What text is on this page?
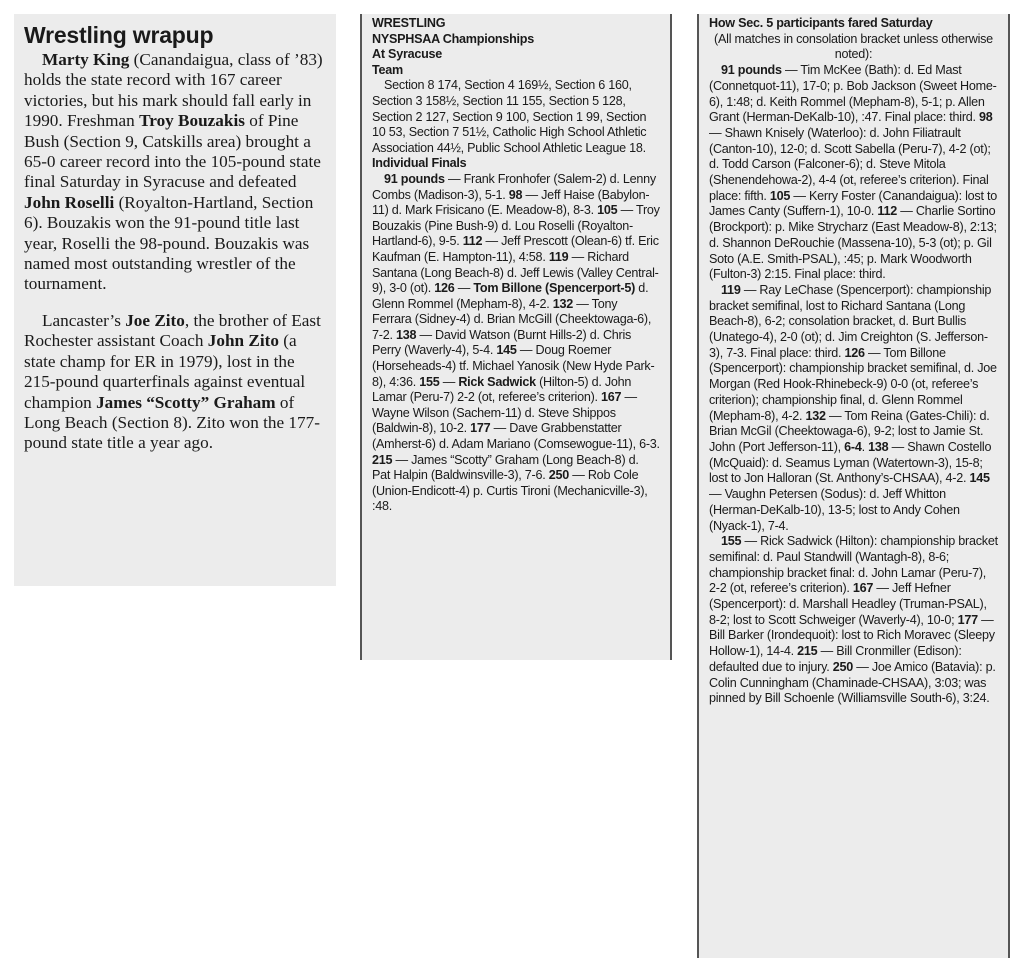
Wrestling wrapup

Marty King (Canandaigua, class of ’83) holds the state record with 167 career victories, but his mark should fall early in 1990. Freshman Troy Bouzakis of Pine Bush (Section 9, Catskills area) brought a 65-0 career record into the 105-pound state final Saturday in Syracuse and defeated John Roselli (Royalton-Hartland, Section 6). Bouzakis won the 91-pound title last year, Roselli the 98-pound. Bouzakis was named most outstanding wrestler of the tournament.

Lancaster’s Joe Zito, the brother of East Rochester assistant Coach John Zito (a state champ for ER in 1979), lost in the 215-pound quarterfinals against eventual champion James “Scotty” Graham of Long Beach (Section 8). Zito won the 177-pound state title a year ago.

WRESTLING
NYSPHSAA Championships
At Syracuse
Team
Section 8 174, Section 4 169½, Section 6 160, Section 3 158½, Section 11 155, Section 5 128, Section 2 127, Section 9 100, Section 1 99, Section 10 53, Section 7 51½, Catholic High School Athletic Association 44½, Public School Athletic League 18.
Individual Finals
91 pounds — Frank Fronhofer (Salem-2) d. Lenny Combs (Madison-3), 5-1. 98 — Jeff Haise (Babylon-11) d. Mark Frisicano (E. Meadow-8), 8-3. 105 — Troy Bouzakis (Pine Bush-9) d. Lou Roselli (Royalton-Hartland-6), 9-5. 112 — Jeff Prescott (Olean-6) tf. Eric Kaufman (E. Hampton-11), 4:58. 119 — Richard Santana (Long Beach-8) d. Jeff Lewis (Valley Central-9), 3-0 (ot). 126 — Tom Billone (Spencerport-5) d. Glenn Rommel (Mepham-8), 4-2. 132 — Tony Ferrara (Sidney-4) d. Brian McGill (Cheektowaga-6), 7-2. 138 — David Watson (Burnt Hills-2) d. Chris Perry (Waverly-4), 5-4. 145 — Doug Roemer (Horseheads-4) tf. Michael Yanosik (New Hyde Park-8), 4:36. 155 — Rick Sadwick (Hilton-5) d. John Lamar (Peru-7) 2-2 (ot, referee’s criterion). 167 — Wayne Wilson (Sachem-11) d. Steve Shippos (Baldwin-8), 10-2. 177 — Dave Grabbenstatter (Amherst-6) d. Adam Mariano (Comsewogue-11), 6-3. 215 — James “Scotty” Graham (Long Beach-8) d. Pat Halpin (Baldwinsville-3), 7-6. 250 — Rob Cole (Union-Endicott-4) p. Curtis Tironi (Mechanicville-3), :48.
How Sec. 5 participants fared Saturday
(All matches in consolation bracket unless otherwise noted):
91 pounds — Tim McKee (Bath): d. Ed Mast (Connetquot-11), 17-0; p. Bob Jackson (Sweet Home-6), 1:48; d. Keith Rommel (Mepham-8), 5-1; p. Allen Grant (Herman-DeKalb-10), :47. Final place: third. 98 — Shawn Knisely (Waterloo): d. John Filiatrault (Canton-10), 12-0; d. Scott Sabella (Peru-7), 4-2 (ot); d. Todd Carson (Falconer-6); d. Steve Mitola (Shenendehowa-2), 4-4 (ot, referee’s criterion). Final place: fifth. 105 — Kerry Foster (Canandaigua): lost to James Canty (Suffern-1), 10-0. 112 — Charlie Sortino (Brockport): p. Mike Strycharz (East Meadow-8), 2:13; d. Shannon DeRouchie (Massena-10), 5-3 (ot); p. Gil Soto (A.E. Smith-PSAL), :45; p. Mark Woodworth (Fulton-3) 2:15. Final place: third.
119 — Ray LeChase (Spencerport): championship bracket semifinal, lost to Richard Santana (Long Beach-8), 6-2; consolation bracket, d. Burt Bullis (Unatego-4), 2-0 (ot); d. Jim Creighton (S. Jefferson-3), 7-3. Final place: third. 126 — Tom Billone (Spencerport): championship bracket semifinal, d. Joe Morgan (Red Hook-Rhinebeck-9) 0-0 (ot, referee’s criterion); championship final, d. Glenn Rommel (Mepham-8), 4-2. 132 — Tom Reina (Gates-Chili): d. Brian McGil (Cheektowaga-6), 9-2; lost to Jamie St. John (Port Jefferson-11), 6-4. 138 — Shawn Costello (McQuaid): d. Seamus Lyman (Watertown-3), 15-8; lost to Jon Halloran (St. Anthony’s-CHSAA), 4-2. 145 — Vaughn Petersen (Sodus): d. Jeff Whitton (Herman-DeKalb-10), 13-5; lost to Andy Cohen (Nyack-1), 7-4.
155 — Rick Sadwick (Hilton): championship bracket semifinal: d. Paul Standwill (Wantagh-8), 8-6; championship bracket final: d. John Lamar (Peru-7), 2-2 (ot, referee’s criterion). 167 — Jeff Hefner (Spencerport): d. Marshall Headley (Truman-PSAL), 8-2; lost to Scott Schweiger (Waverly-4), 10-0; 177 — Bill Barker (Irondequoit): lost to Rich Moravec (Sleepy Hollow-1), 14-4. 215 — Bill Cronmiller (Edison): defaulted due to injury. 250 — Joe Amico (Batavia): p. Colin Cunningham (Chaminade-CHSAA), 3:03; was pinned by Bill Schoenle (Williamsville South-6), 3:24.
